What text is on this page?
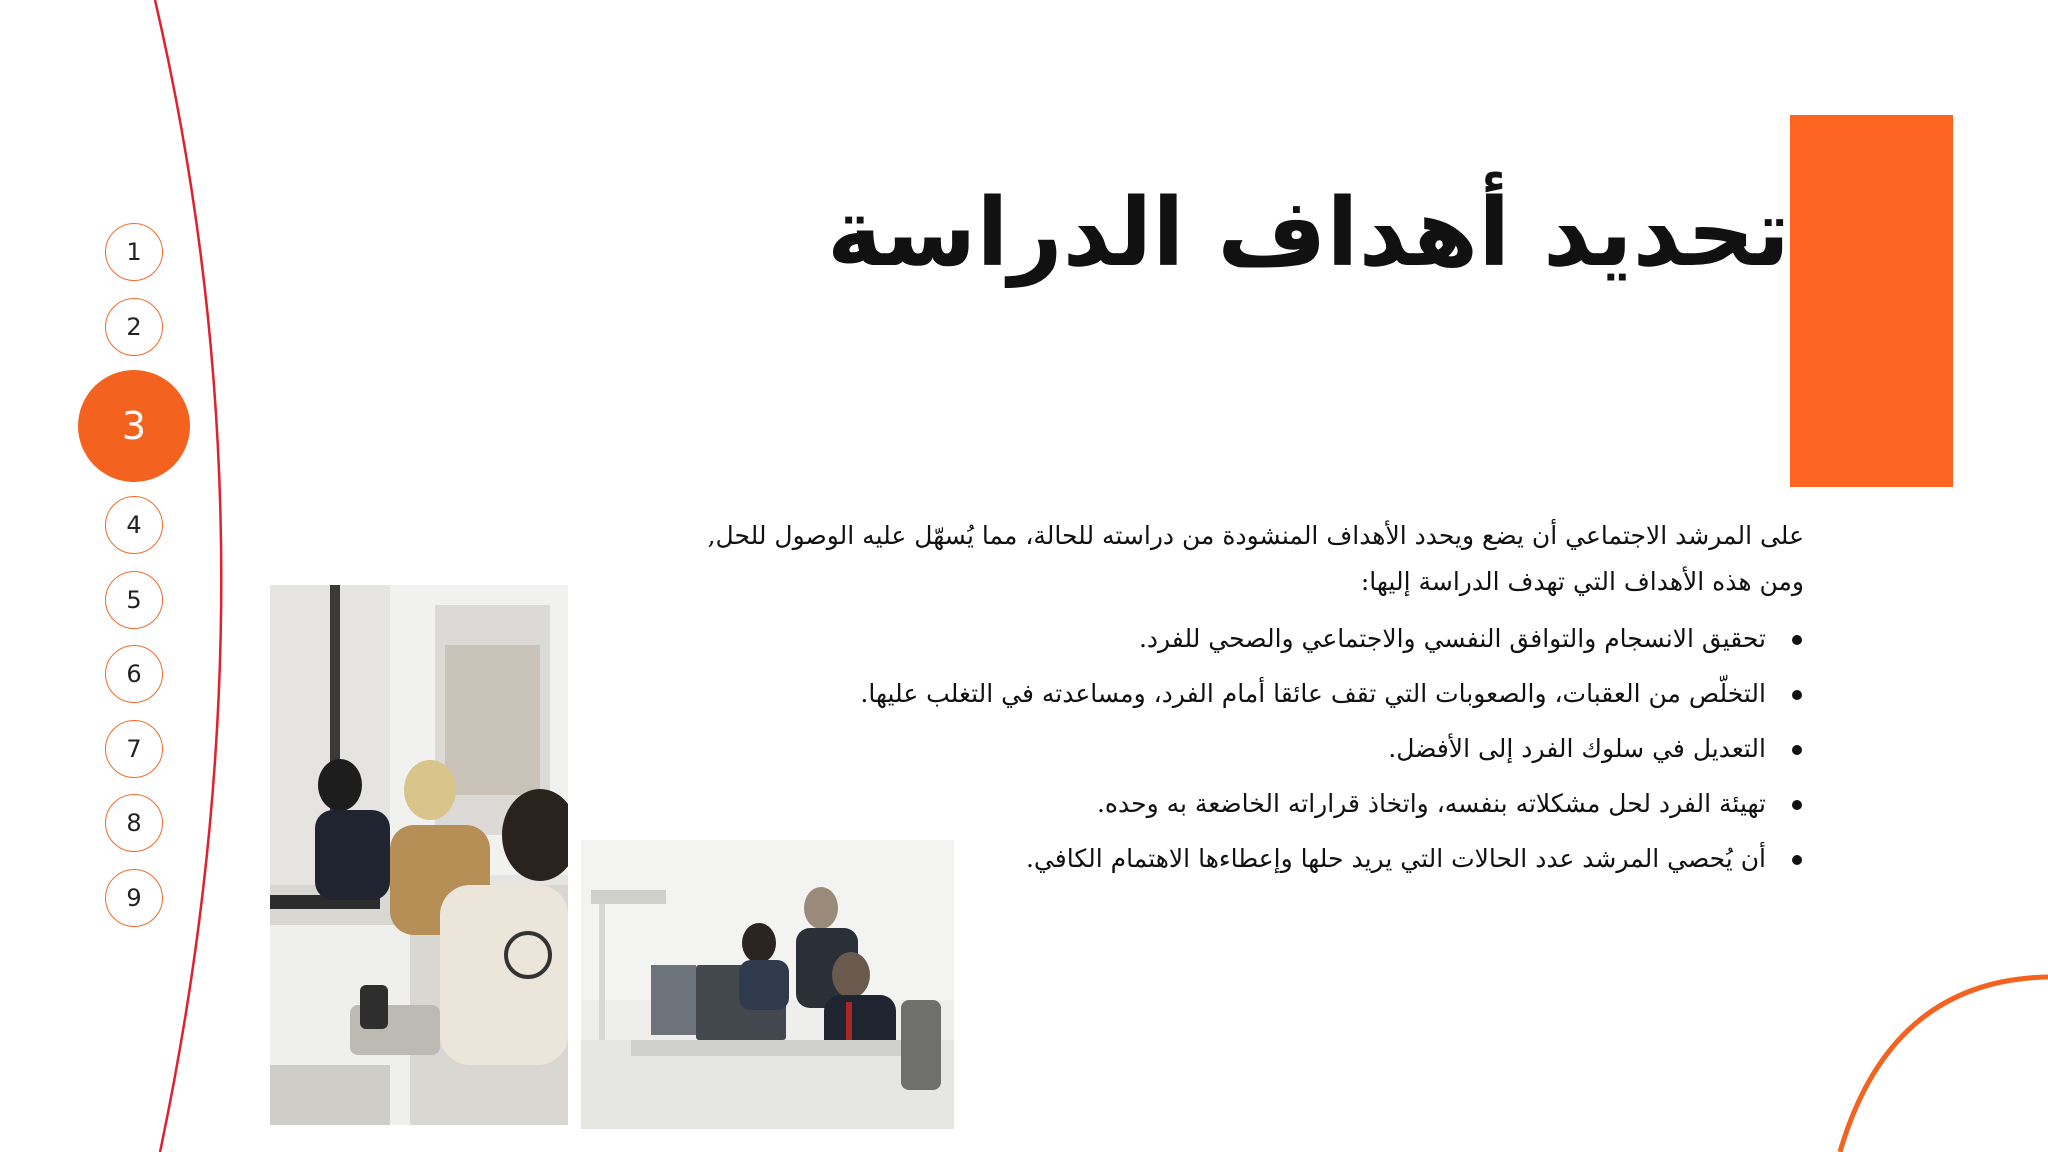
1
2
3
4
5
6
7
8
9
تحديد أهداف الدراسة
على المرشد الاجتماعي أن يضع ويحدد الأهداف المنشودة من دراسته للحالة، مما يُسهّل عليه الوصول للحل,
ومن هذه الأهداف التي تهدف الدراسة إليها:
تحقيق الانسجام والتوافق النفسي والاجتماعي والصحي للفرد.
التخلّص من العقبات، والصعوبات التي تقف عائقا أمام الفرد، ومساعدته في التغلب عليها.
التعديل في سلوك الفرد إلى الأفضل.
تهيئة الفرد لحل مشكلاته بنفسه، واتخاذ قراراته الخاضعة به وحده.
أن يُحصي المرشد عدد الحالات التي يريد حلها وإعطاءها الاهتمام الكافي.
